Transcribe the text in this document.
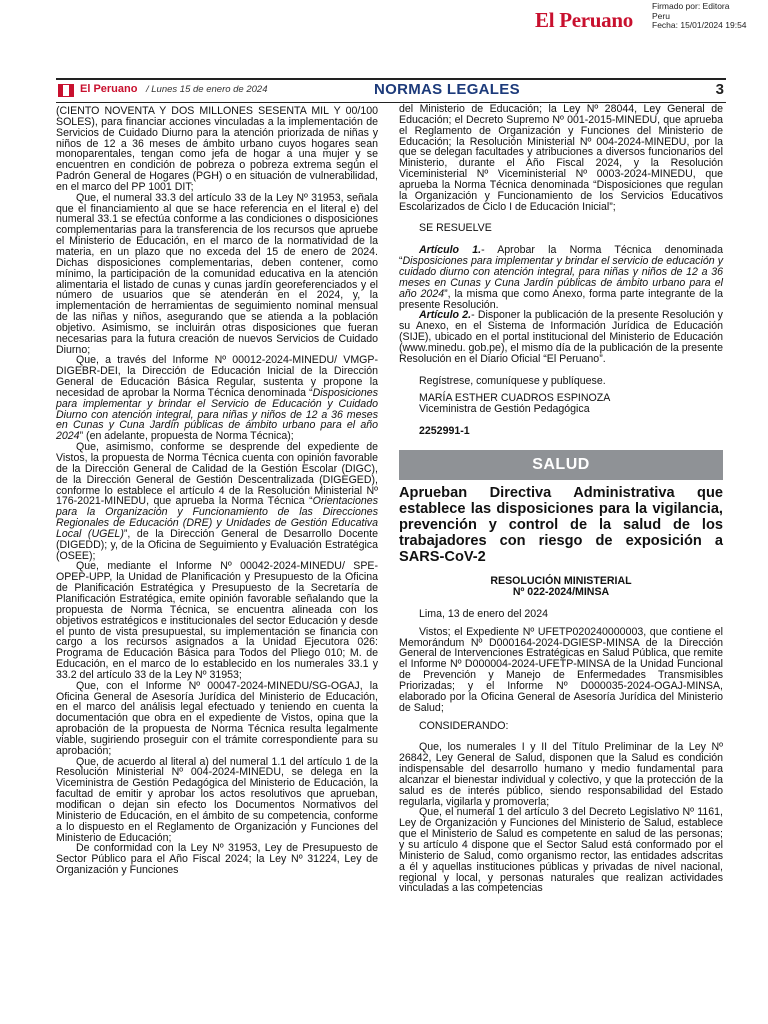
El Peruano
Firmado por: Editora
Peru
Fecha: 15/01/2024 19:54
El Peruano / Lunes 15 de enero de 2024	NORMAS LEGALES	3

(CIENTO NOVENTA Y DOS MILLONES SESENTA MIL Y 00/100 SOLES), para financiar acciones vinculadas a la implementación de Servicios de Cuidado Diurno para la atención priorizada de niñas y niños de 12 a 36 meses de ámbito urbano cuyos hogares sean monoparentales, tengan como jefa de hogar a una mujer y se encuentren en condición de pobreza o pobreza extrema según el Padrón General de Hogares (PGH) o en situación de vulnerabilidad, en el marco del PP 1001 DIT;

Que, el numeral 33.3 del artículo 33 de la Ley Nº 31953, señala que el financiamiento al que se hace referencia en el literal e) del numeral 33.1 se efectúa conforme a las condiciones o disposiciones complementarias para la transferencia de los recursos que apruebe el Ministerio de Educación, en el marco de la normatividad de la materia, en un plazo que no exceda del 15 de enero de 2024. Dichas disposiciones complementarias, deben contener, como mínimo, la participación de la comunidad educativa en la atención alimentaria el listado de cunas y cunas jardín georeferenciados y el número de usuarios que se atenderán en el 2024, y, la implementación de herramientas de seguimiento nominal mensual de las niñas y niños, asegurando que se atienda a la población objetivo. Asimismo, se incluirán otras disposiciones que fueran necesarias para la futura creación de nuevos Servicios de Cuidado Diurno;

Que, a través del Informe Nº 00012-2024-MINEDU/ VMGP-DIGEBR-DEI, la Dirección de Educación Inicial de la Dirección General de Educación Básica Regular, sustenta y propone la necesidad de aprobar la Norma Técnica denominada “Disposiciones para implementar y brindar el Servicio de Educación y Cuidado Diurno con atención integral, para niñas y niños de 12 a 36 meses en Cunas y Cuna Jardín públicas de ámbito urbano para el año 2024” (en adelante, propuesta de Norma Técnica);

Que, asimismo, conforme se desprende del expediente de Vistos, la propuesta de Norma Técnica cuenta con opinión favorable de la Dirección General de Calidad de la Gestión Escolar (DIGC), de la Dirección General de Gestión Descentralizada (DIGEGED), conforme lo establece el artículo 4 de la Resolución Ministerial Nº 176-2021-MINEDU, que aprueba la Norma Técnica “Orientaciones para la Organización y Funcionamiento de las Direcciones Regionales de Educación (DRE) y Unidades de Gestión Educativa Local (UGEL)”, de la Dirección General de Desarrollo Docente (DIGEDD); y, de la Oficina de Seguimiento y Evaluación Estratégica (OSEE);

Que, mediante el Informe Nº 00042-2024-MINEDU/ SPE-OPEP-UPP, la Unidad de Planificación y Presupuesto de la Oficina de Planificación Estratégica y Presupuesto de la Secretaría de Planificación Estratégica, emite opinión favorable señalando que la propuesta de Norma Técnica, se encuentra alineada con los objetivos estratégicos e institucionales del sector Educación y desde el punto de vista presupuestal, su implementación se financia con cargo a los recursos asignados a la Unidad Ejecutora 026: Programa de Educación Básica para Todos del Pliego 010; M. de Educación, en el marco de lo establecido en los numerales 33.1 y 33.2 del artículo 33 de la Ley Nº 31953;

Que, con el Informe Nº 00047-2024-MINEDU/SG-OGAJ, la Oficina General de Asesoría Jurídica del Ministerio de Educación, en el marco del análisis legal efectuado y teniendo en cuenta la documentación que obra en el expediente de Vistos, opina que la aprobación de la propuesta de Norma Técnica resulta legalmente viable, sugiriendo proseguir con el trámite correspondiente para su aprobación;

Que, de acuerdo al literal a) del numeral 1.1 del artículo 1 de la Resolución Ministerial Nº 004-2024-MINEDU, se delega en la Viceministra de Gestión Pedagógica del Ministerio de Educación, la facultad de emitir y aprobar los actos resolutivos que aprueban, modifican o dejan sin efecto los Documentos Normativos del Ministerio de Educación, en el ámbito de su competencia, conforme a lo dispuesto en el Reglamento de Organización y Funciones del Ministerio de Educación;

De conformidad con la Ley Nº 31953, Ley de Presupuesto de Sector Público para el Año Fiscal 2024; la Ley Nº 31224, Ley de Organización y Funciones

del Ministerio de Educación; la Ley Nº 28044, Ley General de Educación; el Decreto Supremo Nº 001-2015-MINEDU, que aprueba el Reglamento de Organización y Funciones del Ministerio de Educación; la Resolución Ministerial Nº 004-2024-MINEDU, por la que se delegan facultades y atribuciones a diversos funcionarios del Ministerio, durante el Año Fiscal 2024, y la Resolución Viceministerial Nº Viceministerial Nº 0003-2024-MINEDU, que aprueba la Norma Técnica denominada “Disposiciones que regulan la Organización y Funcionamiento de los Servicios Educativos Escolarizados de Ciclo I de Educación Inicial”;

SE RESUELVE

Artículo 1.- Aprobar la Norma Técnica denominada “Disposiciones para implementar y brindar el servicio de educación y cuidado diurno con atención integral, para niñas y niños de 12 a 36 meses en Cunas y Cuna Jardín públicas de ámbito urbano para el año 2024”, la misma que como Anexo, forma parte integrante de la presente Resolución.

Artículo 2.- Disponer la publicación de la presente Resolución y su Anexo, en el Sistema de Información Jurídica de Educación (SIJE), ubicado en el portal institucional del Ministerio de Educación (www.minedu. gob.pe), el mismo día de la publicación de la presente Resolución en el Diario Oficial “El Peruano”.

Regístrese, comuníquese y publíquese.

MARÍA ESTHER CUADROS ESPINOZA

Viceministra de Gestión Pedagógica

2252991-1

SALUD
Aprueban Directiva Administrativa que establece las disposiciones para la vigilancia, prevención y control de la salud de los trabajadores con riesgo de exposición a SARS-CoV-2
RESOLUCIÓN MINISTERIAL
Nº 022-2024/MINSA

Lima, 13 de enero del 2024

Vistos; el Expediente Nº UFETP020240000003, que contiene el Memorándum Nº D000164-2024-DGIESP-MINSA de la Dirección General de Intervenciones Estratégicas en Salud Pública, que remite el Informe Nº D000004-2024-UFETP-MINSA de la Unidad Funcional de Prevención y Manejo de Enfermedades Transmisibles Priorizadas; y el Informe Nº D000035-2024-OGAJ-MINSA, elaborado por la Oficina General de Asesoría Jurídica del Ministerio de Salud;

CONSIDERANDO:

Que, los numerales I y II del Título Preliminar de la Ley Nº 26842, Ley General de Salud, disponen que la Salud es condición indispensable del desarrollo humano y medio fundamental para alcanzar el bienestar individual y colectivo, y que la protección de la salud es de interés público, siendo responsabilidad del Estado regularla, vigilarla y promoverla;

Que, el numeral 1 del artículo 3 del Decreto Legislativo Nº 1161, Ley de Organización y Funciones del Ministerio de Salud, establece que el Ministerio de Salud es competente en salud de las personas; y su artículo 4 dispone que el Sector Salud está conformado por el Ministerio de Salud, como organismo rector, las entidades adscritas a él y aquellas instituciones públicas y privadas de nivel nacional, regional y local, y personas naturales que realizan actividades vinculadas a las competencias
